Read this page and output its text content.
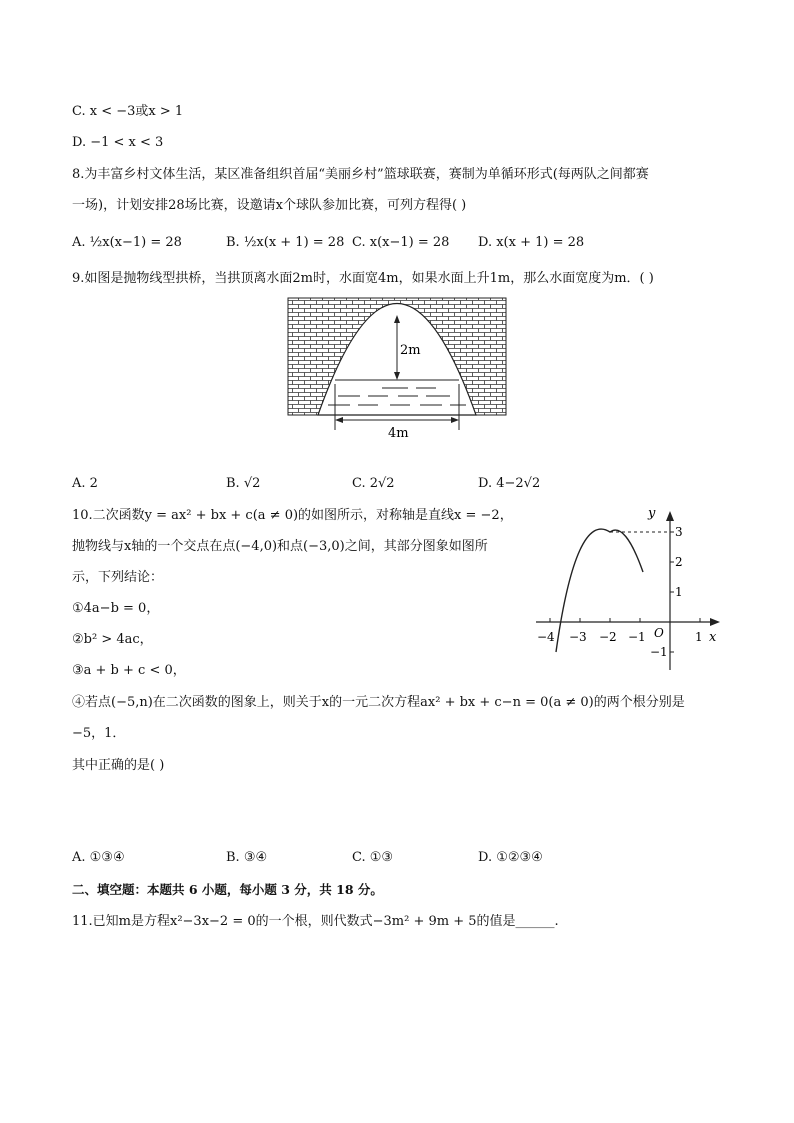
C. x < −3或x > 1
D. −1 < x < 3
8.为丰富乡村文体生活，某区准备组织首届“美丽乡村”篮球联赛，赛制为单循环形式(每两队之间都赛
一场)，计划安排28场比赛，设邀请x个球队参加比赛，可列方程得( )
A. ½x(x−1) = 28	B. ½x(x + 1) = 28 C. x(x−1) = 28 D. x(x + 1) = 28
9.如图是抛物线型拱桥，当拱顶离水面2m时，水面宽4m，如果水面上升1m，那么水面宽度为m．( )
2m
4m
A. 2	B. √2	C. 2√2	D. 4−2√2
10.二次函数y = ax² + bx + c(a ≠ 0)的如图所示，对称轴是直线x = −2，
抛物线与x轴的一个交点在点(−4,0)和点(−3,0)之间，其部分图象如图所
示，下列结论：
①4a−b = 0，
②b² > 4ac，
③a + b + c < 0，
④若点(−5,n)在二次函数的图象上，则关于x的一元二次方程ax² + bx + c−n = 0(a ≠ 0)的两个根分别是
−5，1．
其中正确的是( )
y
x
O
−4 −3 −2 −1	1
3
2
1
−1
A. ①③④	B. ③④	C. ①③	D. ①②③④
二、填空题：本题共 6 小题，每小题 3 分，共 18 分。
11.已知m是方程x²−3x−2 = 0的一个根，则代数式−3m² + 9m + 5的值是______.
